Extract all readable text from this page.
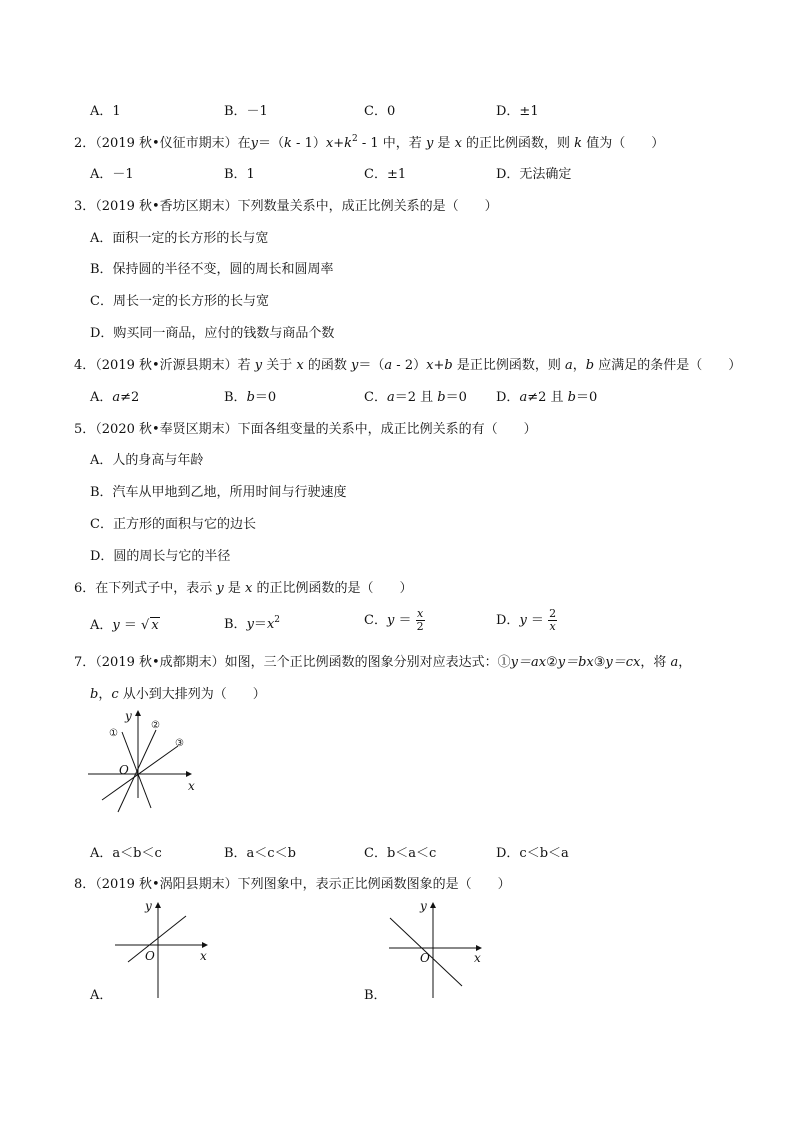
A．1	B．－1	C．0	D．±1
2．（2019 秋•仪征市期末）在$y=(k - 1)x+k^2 - 1$ 中，若 y 是 x 的正比例函数，则 k 值为（　　）
A．－1	B．1	C．±1	D．无法确定
3．（2019 秋•香坊区期末）下列数量关系中，成正比例关系的是（　　）
A．面积一定的长方形的长与宽
B．保持圆的半径不变，圆的周长和圆周率
C．周长一定的长方形的长与宽
D．购买同一商品，应付的钱数与商品个数
4．（2019 秋•沂源县期末）若 y 关于 x 的函数 y＝（a - 2）x+b 是正比例函数，则 a，b 应满足的条件是（　　）
A．a≠2	B．b＝0	C．a＝2 且 b＝0 D．a≠2 且 b＝0
5．（2020 秋•奉贤区期末）下面各组变量的关系中，成正比例关系的有（　　）
A．人的身高与年龄
B．汽车从甲地到乙地，所用时间与行驶速度
C．正方形的面积与它的边长
D．圆的周长与它的半径
6．在下列式子中，表示 y 是 x 的正比例函数的是（　　）
A．y ＝ √ x	B．$y=x^2$	C．$y = \frac{x}{2}$	D．$y = \frac{2}{x}$
7．（2019 秋•成都期末）如图，三个正比例函数的图象分别对应表达式：①y＝ax②y＝bx③y＝cx，将 a，
b，c 从小到大排列为（　　）
y
x
O
①
②
③
A．a＜b＜c	B．a＜c＜b	C．b＜a＜c	D．c＜b＜a
8．（2019 秋•涡阳县期末）下列图象中，表示正比例函数图象的是（　　）
y
x
O
A．
y
x
O
B．
